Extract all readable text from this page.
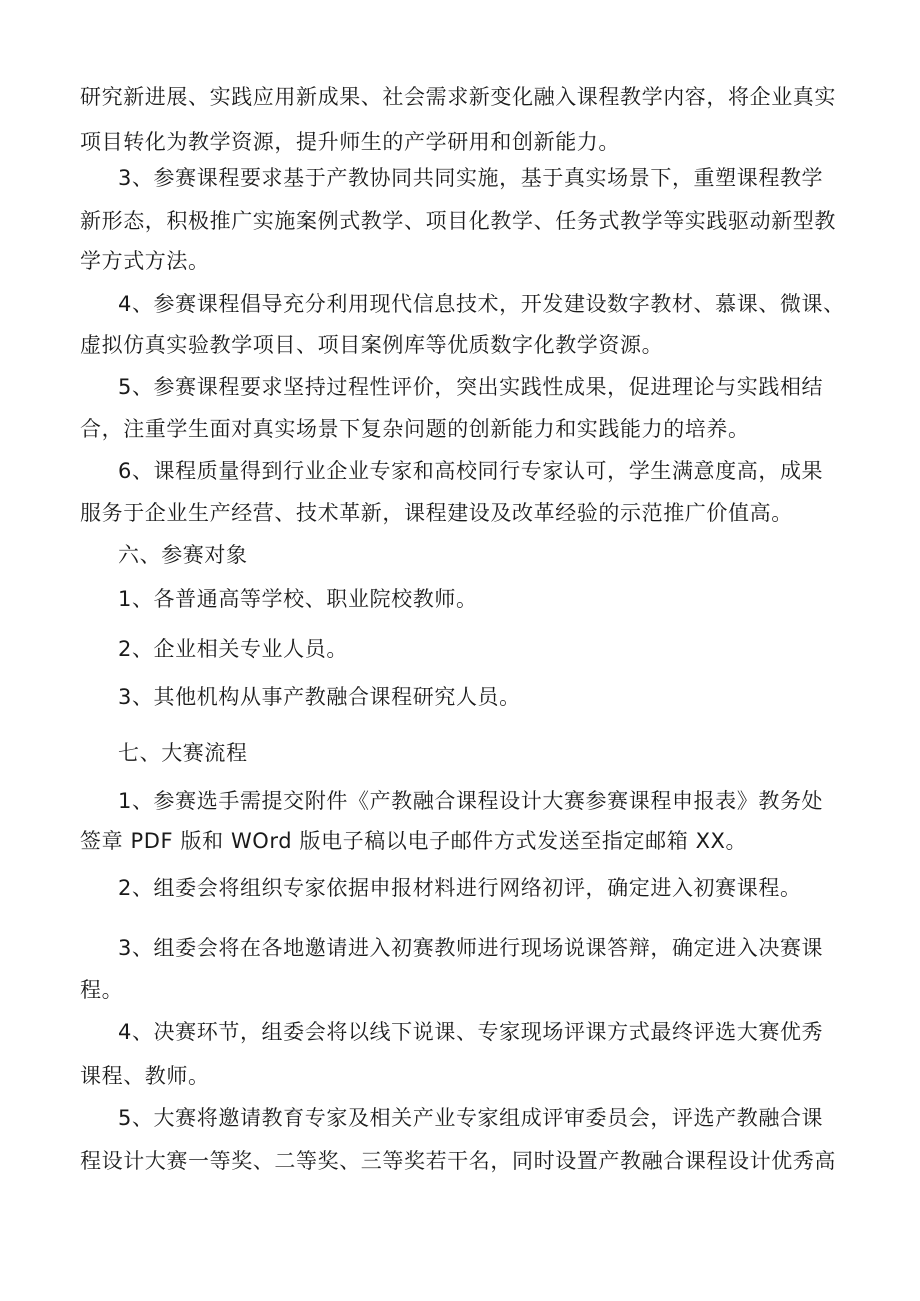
研究新进展、实践应用新成果、社会需求新变化融入课程教学内容，将企业真实
项目转化为教学资源，提升师生的产学研用和创新能力。
3、参赛课程要求基于产教协同共同实施，基于真实场景下，重塑课程教学
新形态，积极推广实施案例式教学、项目化教学、任务式教学等实践驱动新型教
学方式方法。
4、参赛课程倡导充分利用现代信息技术，开发建设数字教材、慕课、微课、
虚拟仿真实验教学项目、项目案例库等优质数字化教学资源。
5、参赛课程要求坚持过程性评价，突出实践性成果，促进理论与实践相结
合，注重学生面对真实场景下复杂问题的创新能力和实践能力的培养。
6、课程质量得到行业企业专家和高校同行专家认可，学生满意度高，成果
服务于企业生产经营、技术革新，课程建设及改革经验的示范推广价值高。
六、参赛对象
1、各普通高等学校、职业院校教师。
2、企业相关专业人员。
3、其他机构从事产教融合课程研究人员。
七、大赛流程
1、参赛选手需提交附件《产教融合课程设计大赛参赛课程申报表》教务处
签章 PDF 版和 WOrd 版电子稿以电子邮件方式发送至指定邮箱 XX。
2、组委会将组织专家依据申报材料进行网络初评，确定进入初赛课程。
3、组委会将在各地邀请进入初赛教师进行现场说课答辩，确定进入决赛课
程。
4、决赛环节，组委会将以线下说课、专家现场评课方式最终评选大赛优秀
课程、教师。
5、大赛将邀请教育专家及相关产业专家组成评审委员会，评选产教融合课
程设计大赛一等奖、二等奖、三等奖若干名，同时设置产教融合课程设计优秀高
